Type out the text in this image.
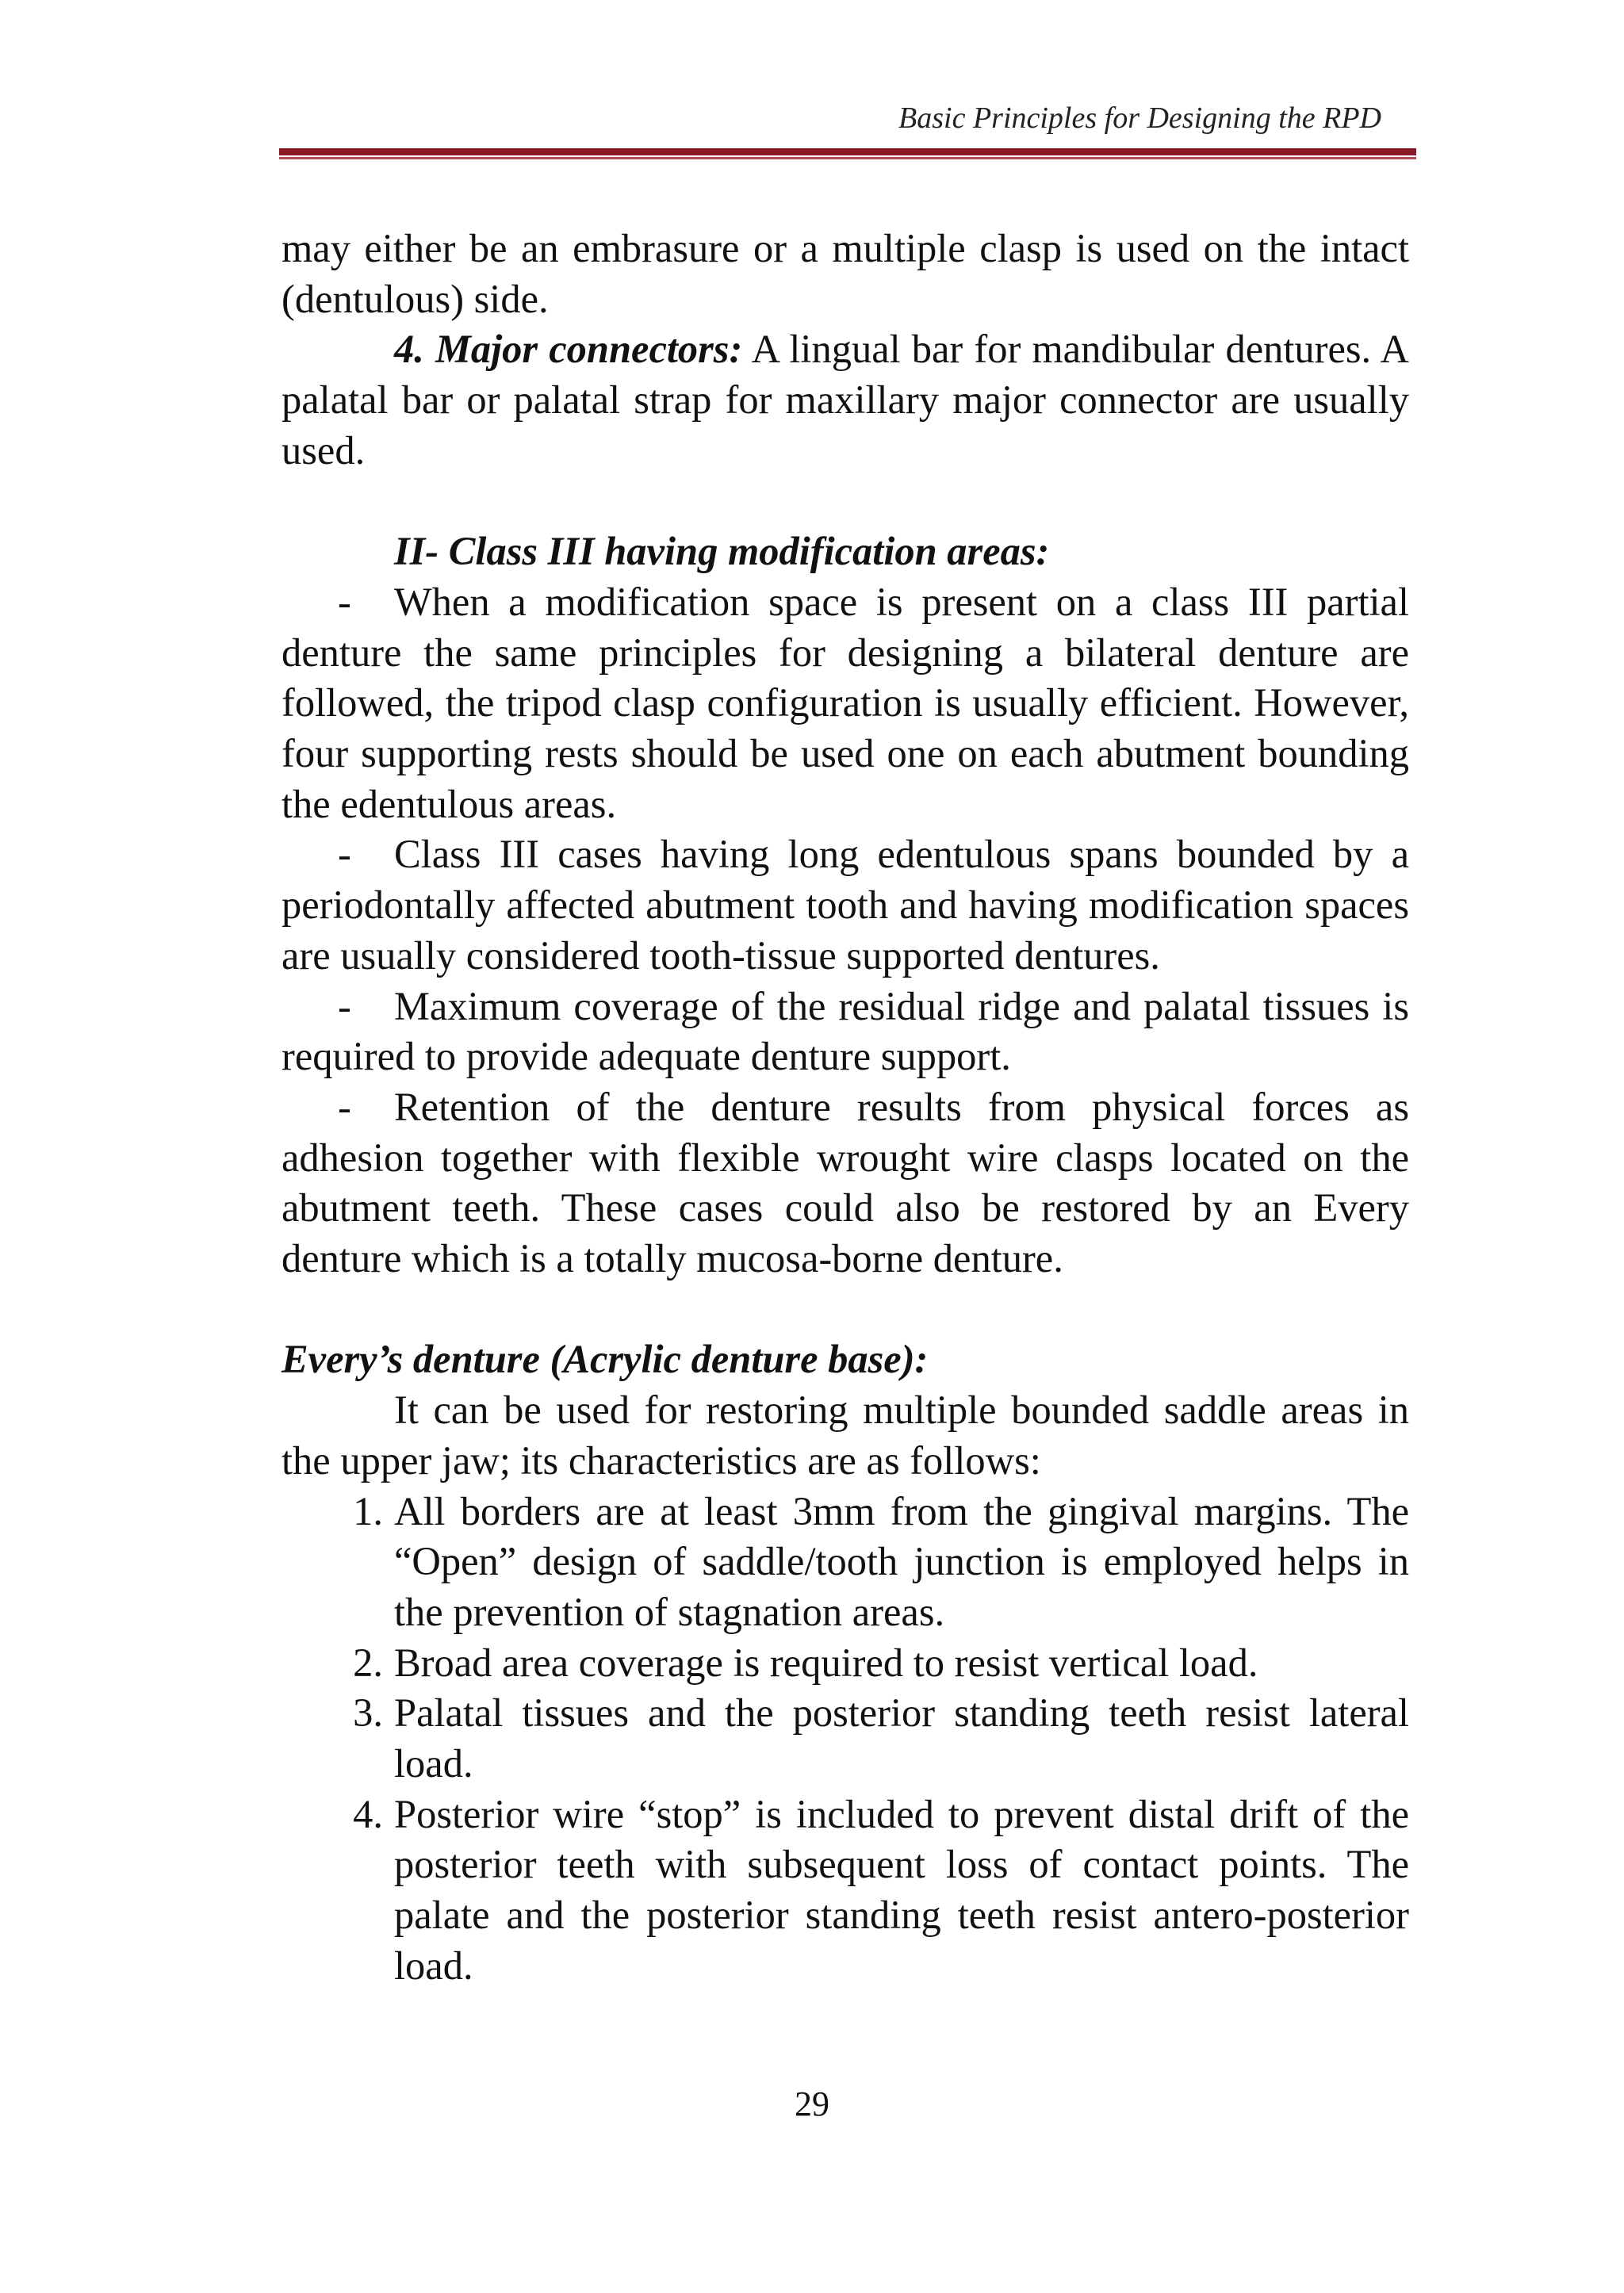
Basic Principles for Designing the RPD

may either be an embrasure or a multiple clasp is used on the intact (dentulous) side.

4. Major connectors: A lingual bar for mandibular dentures. A palatal bar or palatal strap for maxillary major connector are usually used.

II- Class III having modification areas:

- When a modification space is present on a class III partial denture the same principles for designing a bilateral denture are followed, the tripod clasp configuration is usually efficient. However, four supporting rests should be used one on each abutment bounding the edentulous areas.

- Class III cases having long edentulous spans bounded by a periodontally affected abutment tooth and having modification spaces are usually considered tooth-tissue supported dentures.

- Maximum coverage of the residual ridge and palatal tissues is required to provide adequate denture support.

- Retention of the denture results from physical forces as adhesion together with flexible wrought wire clasps located on the abutment teeth. These cases could also be restored by an Every denture which is a totally mucosa-borne denture.

Every’s denture (Acrylic denture base):

It can be used for restoring multiple bounded saddle areas in the upper jaw; its characteristics are as follows:

1. All borders are at least 3mm from the gingival margins. The “Open” design of saddle/tooth junction is employed helps in the prevention of stagnation areas.
2. Broad area coverage is required to resist vertical load.
3. Palatal tissues and the posterior standing teeth resist lateral load.
4. Posterior wire “stop” is included to prevent distal drift of the posterior teeth with subsequent loss of contact points. The palate and the posterior standing teeth resist antero-posterior load.
29
